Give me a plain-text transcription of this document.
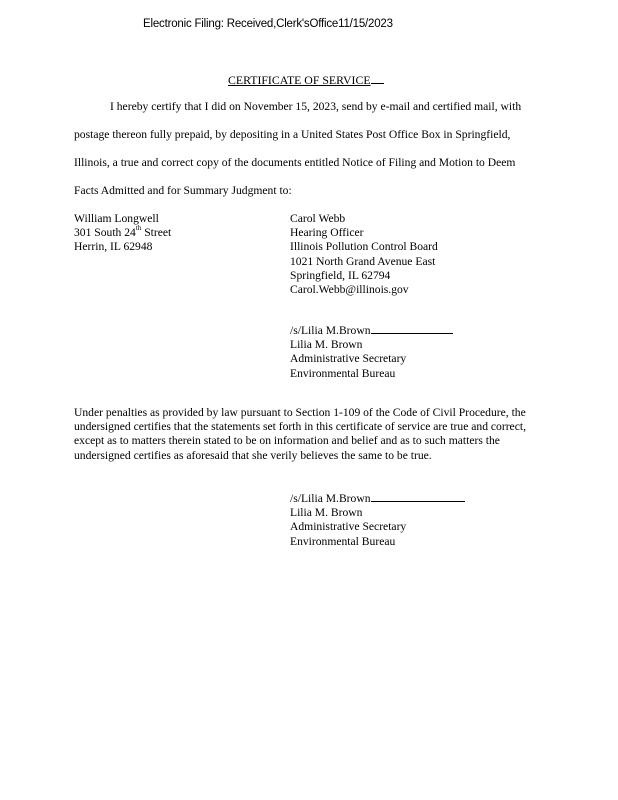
Electronic Filing: Received,Clerk'sOffice11/15/2023
CERTIFICATE OF SERVICE
I hereby certify that I did on November 15, 2023, send by e-mail and certified mail, with
postage thereon fully prepaid, by depositing in a United States Post Office Box in Springfield,
Illinois, a true and correct copy of the documents entitled Notice of Filing and Motion to Deem
Facts Admitted and for Summary Judgment to:
William Longwell
301 South 24th Street
Herrin, IL 62948
Carol Webb
Hearing Officer
Illinois Pollution Control Board
1021 North Grand Avenue East
Springfield, IL 62794
Carol.Webb@illinois.gov
/s/Lilia M.Brown
Lilia M. Brown
Administrative Secretary
Environmental Bureau
Under penalties as provided by law pursuant to Section 1-109 of the Code of Civil Procedure, the
undersigned certifies that the statements set forth in this certificate of service are true and correct,
except as to matters therein stated to be on information and belief and as to such matters the
undersigned certifies as aforesaid that she verily believes the same to be true.
/s/Lilia M.Brown
Lilia M. Brown
Administrative Secretary
Environmental Bureau
